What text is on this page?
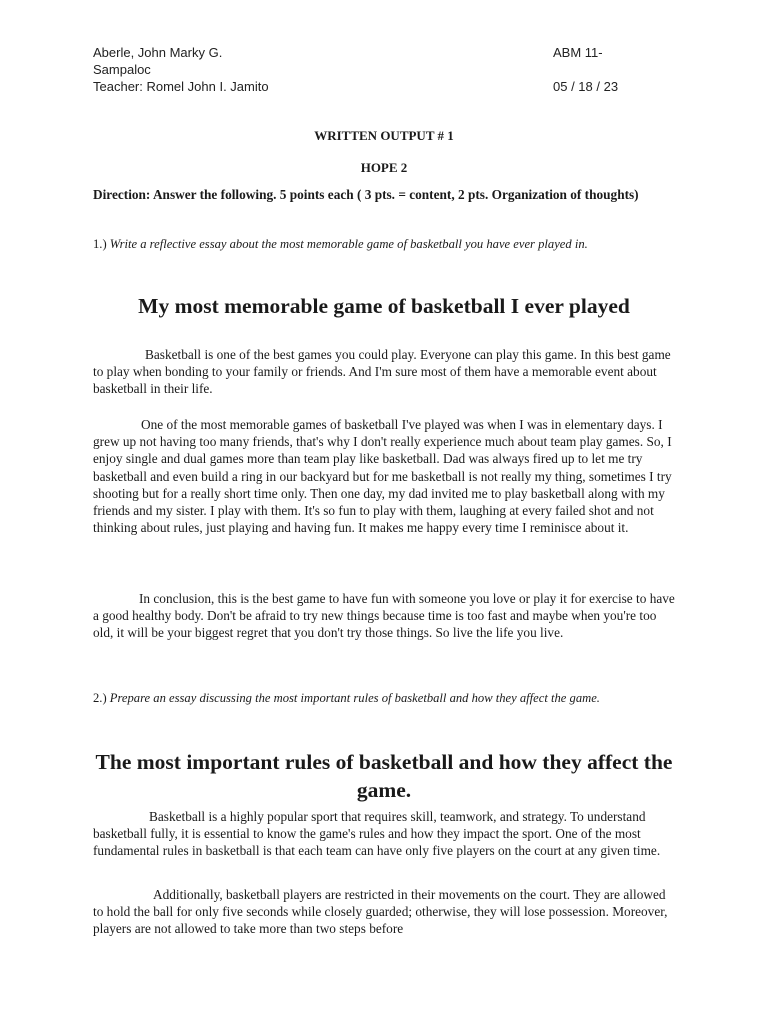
Aberle, John Marky G.
Sampaloc
ABM 11-
Teacher: Romel John I. Jamito	05 / 18 / 23
WRITTEN OUTPUT # 1
HOPE 2
Direction: Answer the following. 5 points each ( 3 pts. = content, 2 pts. Organization of thoughts)
1.) Write a reflective essay about the most memorable game of basketball you have ever played in.
My most memorable game of basketball I ever played

Basketball is one of the best games you could play. Everyone can play this game. In this best game to play when bonding to your family or friends. And I'm sure most of them have a memorable event about basketball in their life.

One of the most memorable games of basketball I've played was when I was in elementary days. I grew up not having too many friends, that's why I don't really experience much about team play games. So, I enjoy single and dual games more than team play like basketball. Dad was always fired up to let me try basketball and even build a ring in our backyard but for me basketball is not really my thing, sometimes I try shooting but for a really short time only. Then one day, my dad invited me to play basketball along with my friends and my sister. I play with them. It's so fun to play with them, laughing at every failed shot and not thinking about rules, just playing and having fun. It makes me happy every time I reminisce about it.

In conclusion, this is the best game to have fun with someone you love or play it for exercise to have a good healthy body. Don't be afraid to try new things because time is too fast and maybe when you're too old, it will be your biggest regret that you don't try those things. So live the life you live.

2.) Prepare an essay discussing the most important rules of basketball and how they affect the game.
The most important rules of basketball and how they affect the game.

Basketball is a highly popular sport that requires skill, teamwork, and strategy. To understand basketball fully, it is essential to know the game's rules and how they impact the sport. One of the most fundamental rules in basketball is that each team can have only five players on the court at any given time.

Additionally, basketball players are restricted in their movements on the court. They are allowed to hold the ball for only five seconds while closely guarded; otherwise, they will lose possession. Moreover, players are not allowed to take more than two steps before
